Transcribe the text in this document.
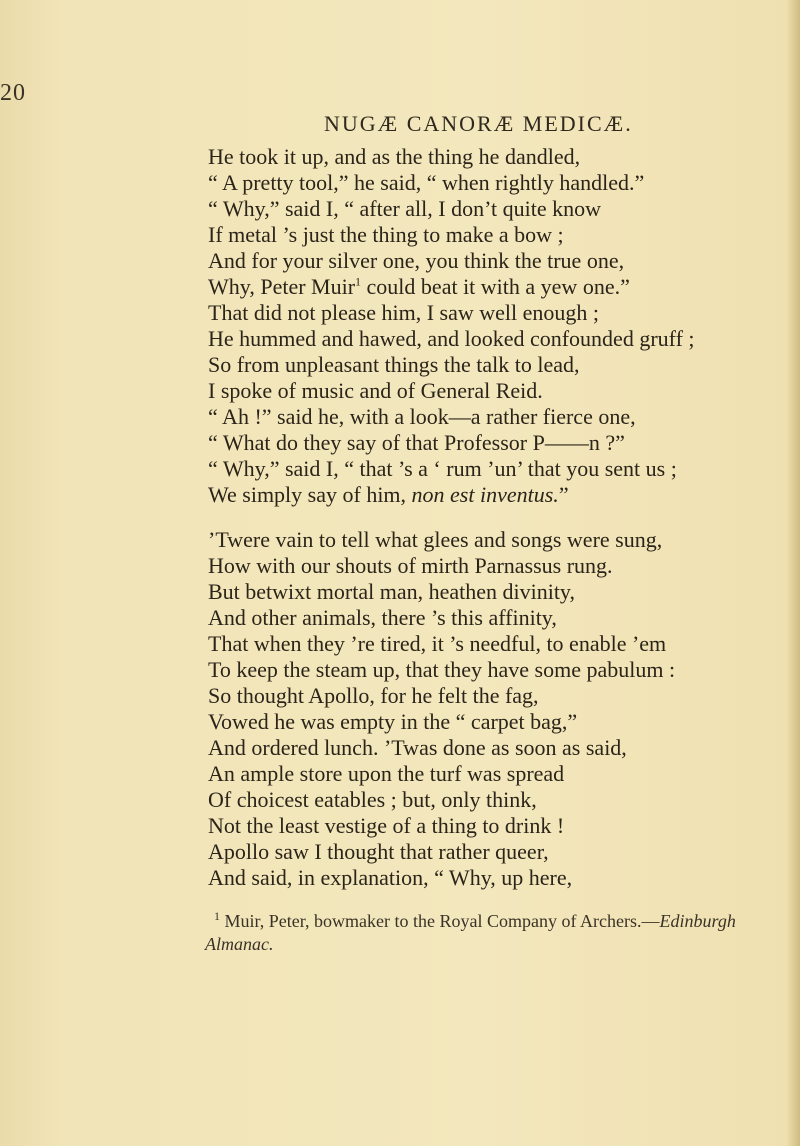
20
NUGÆ CANORÆ MEDICÆ.
He took it up, and as the thing he dandled,
“ A pretty tool,” he said, “ when rightly handled.”
“ Why,” said I, “ after all, I don’t quite know
If metal ’s just the thing to make a bow ;
And for your silver one, you think the true one,
Why, Peter Muir$^1$ could beat it with a yew one.”
That did not please him, I saw well enough ;
He hummed and hawed, and looked confounded gruff ;
So from unpleasant things the talk to lead,
I spoke of music and of General Reid.
“ Ah !” said he, with a look—a rather fierce one,
“ What do they say of that Professor P——n ?”
“ Why,” said I, “ that ’s a ‘ rum ’un’ that you sent us ;
We simply say of him, non est inventus.”
’Twere vain to tell what glees and songs were sung,
How with our shouts of mirth Parnassus rung.
But betwixt mortal man, heathen divinity,
And other animals, there ’s this affinity,
That when they ’re tired, it ’s needful, to enable ’em
To keep the steam up, that they have some pabulum :
So thought Apollo, for he felt the fag,
Vowed he was empty in the “ carpet bag,”
And ordered lunch. ’Twas done as soon as said,
An ample store upon the turf was spread
Of choicest eatables ; but, only think,
Not the least vestige of a thing to drink !
Apollo saw I thought that rather queer,
And said, in explanation, “ Why, up here,
$^1$ Muir, Peter, bowmaker to the Royal Company of Archers.—Edinburgh
Almanac.
